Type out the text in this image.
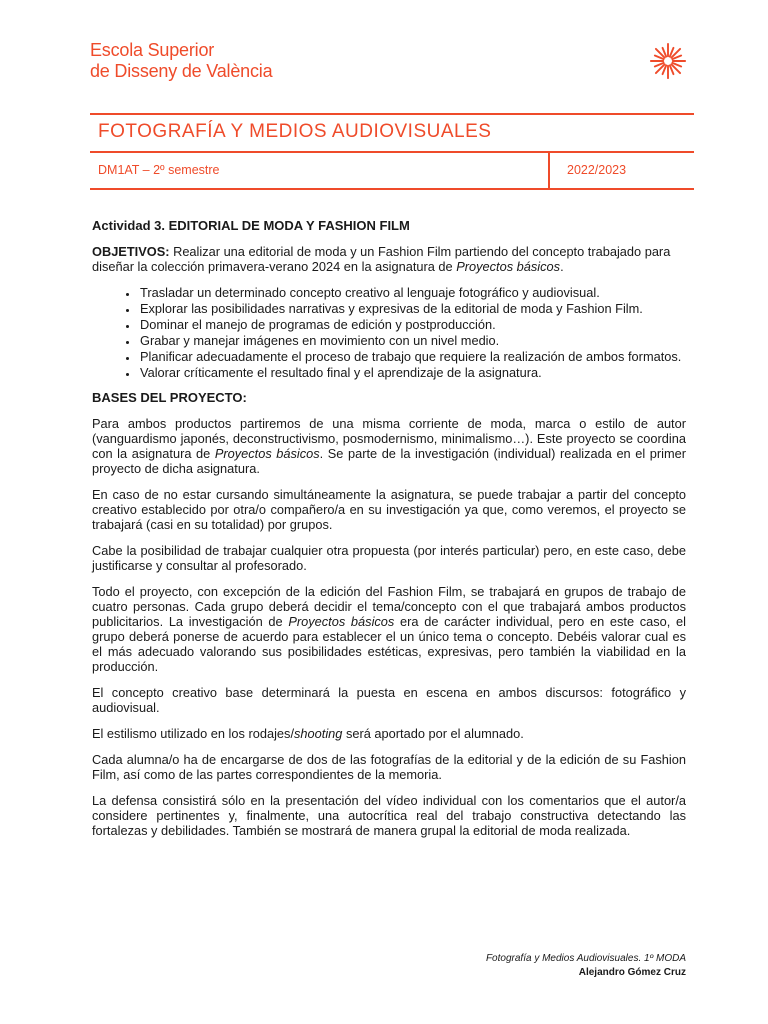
Escola Superior
de Disseny de València
FOTOGRAFÍA Y MEDIOS AUDIOVISUALES
DM1AT – 2º semestre	2022/2023

Actividad 3. EDITORIAL DE MODA Y FASHION FILM

OBJETIVOS: Realizar una editorial de moda y un Fashion Film partiendo del concepto trabajado para diseñar la colección primavera-verano 2024 en la asignatura de Proyectos básicos.

• Trasladar un determinado concepto creativo al lenguaje fotográfico y audiovisual.
• Explorar las posibilidades narrativas y expresivas de la editorial de moda y Fashion Film.
• Dominar el manejo de programas de edición y postproducción.
• Grabar y manejar imágenes en movimiento con un nivel medio.
• Planificar adecuadamente el proceso de trabajo que requiere la realización de ambos formatos.
• Valorar críticamente el resultado final y el aprendizaje de la asignatura.

BASES DEL PROYECTO:

Para ambos productos partiremos de una misma corriente de moda, marca o estilo de autor (vanguardismo japonés, deconstructivismo, posmodernismo, minimalismo…). Este proyecto se coordina con la asignatura de Proyectos básicos. Se parte de la investigación (individual) realizada en el primer proyecto de dicha asignatura.

En caso de no estar cursando simultáneamente la asignatura, se puede trabajar a partir del concepto creativo establecido por otra/o compañero/a en su investigación ya que, como veremos, el proyecto se trabajará (casi en su totalidad) por grupos.

Cabe la posibilidad de trabajar cualquier otra propuesta (por interés particular) pero, en este caso, debe justificarse y consultar al profesorado.

Todo el proyecto, con excepción de la edición del Fashion Film, se trabajará en grupos de trabajo de cuatro personas. Cada grupo deberá decidir el tema/concepto con el que trabajará ambos productos publicitarios. La investigación de Proyectos básicos era de carácter individual, pero en este caso, el grupo deberá ponerse de acuerdo para establecer el un único tema o concepto. Debéis valorar cual es el más adecuado valorando sus posibilidades estéticas, expresivas, pero también la viabilidad en la producción.

El concepto creativo base determinará la puesta en escena en ambos discursos: fotográfico y audiovisual.

El estilismo utilizado en los rodajes/shooting será aportado por el alumnado.

Cada alumna/o ha de encargarse de dos de las fotografías de la editorial y de la edición de su Fashion Film, así como de las partes correspondientes de la memoria.

La defensa consistirá sólo en la presentación del vídeo individual con los comentarios que el autor/a considere pertinentes y, finalmente, una autocrítica real del trabajo constructiva detectando las fortalezas y debilidades. También se mostrará de manera grupal la editorial de moda realizada.

Fotografía y Medios Audiovisuales. 1º MODA
Alejandro Gómez Cruz
